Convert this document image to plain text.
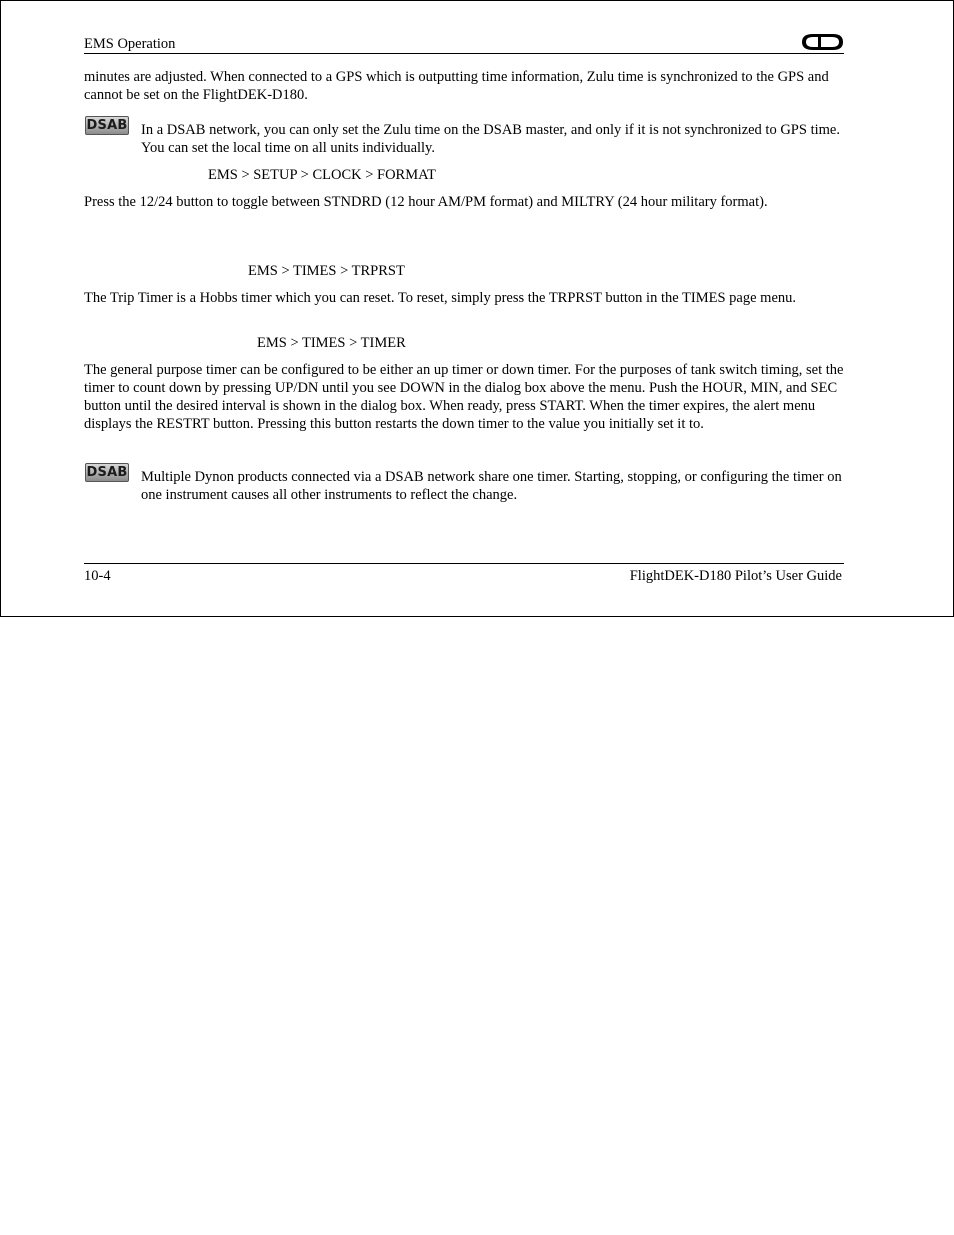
EMS Operation
minutes are adjusted. When connected to a GPS which is outputting time information, Zulu time is synchronized to the GPS and cannot be set on the FlightDEK-D180.
DSAB In a DSAB network, you can only set the Zulu time on the DSAB master, and only if it is not synchronized to GPS time. You can set the local time on all units individually.
EMS > SETUP > CLOCK > FORMAT
Press the 12/24 button to toggle between STNDRD (12 hour AM/PM format) and MILTRY (24 hour military format).
EMS > TIMES > TRPRST
The Trip Timer is a Hobbs timer which you can reset. To reset, simply press the TRPRST button in the TIMES page menu.
EMS > TIMES > TIMER
The general purpose timer can be configured to be either an up timer or down timer. For the purposes of tank switch timing, set the timer to count down by pressing UP/DN until you see DOWN in the dialog box above the menu. Push the HOUR, MIN, and SEC button until the desired interval is shown in the dialog box. When ready, press START. When the timer expires, the alert menu displays the RESTRT button. Pressing this button restarts the down timer to the value you initially set it to.
DSAB Multiple Dynon products connected via a DSAB network share one timer. Starting, stopping, or configuring the timer on one instrument causes all other instruments to reflect the change.
10-4	FlightDEK-D180 Pilot’s User Guide
